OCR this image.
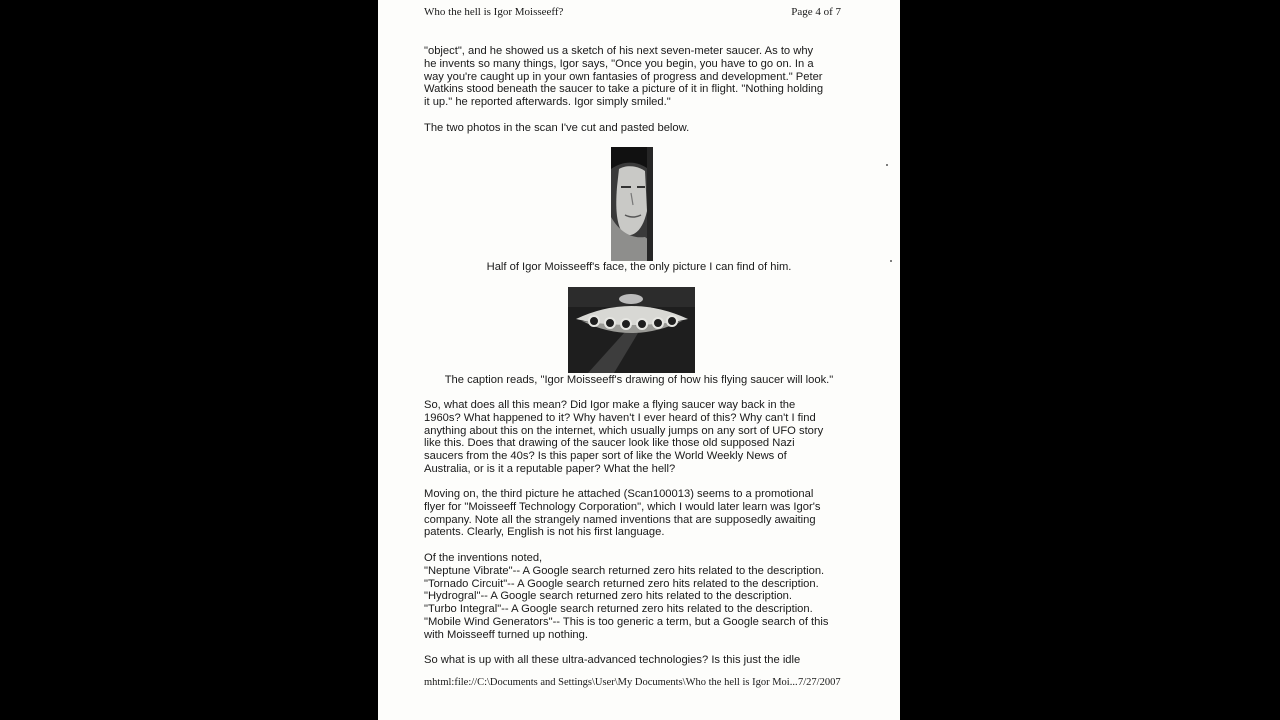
Who the hell is Igor Moisseeff?	Page 4 of 7
"object", and he showed us a sketch of his next seven-meter saucer. As to why
he invents so many things, Igor says, "Once you begin, you have to go on. In a
way you're caught up in your own fantasies of progress and development." Peter
Watkins stood beneath the saucer to take a picture of it in flight. "Nothing holding
it up." he reported afterwards. Igor simply smiled."
The two photos in the scan I've cut and pasted below.
Half of Igor Moisseeff's face, the only picture I can find of him.
The caption reads, "Igor Moisseeff's drawing of how his flying saucer will look."
So, what does all this mean? Did Igor make a flying saucer way back in the
1960s? What happened to it? Why haven't I ever heard of this? Why can't I find
anything about this on the internet, which usually jumps on any sort of UFO story
like this. Does that drawing of the saucer look like those old supposed Nazi
saucers from the 40s? Is this paper sort of like the World Weekly News of
Australia, or is it a reputable paper? What the hell?
Moving on, the third picture he attached (Scan100013) seems to a promotional
flyer for "Moisseeff Technology Corporation", which I would later learn was Igor's
company. Note all the strangely named inventions that are supposedly awaiting
patents. Clearly, English is not his first language.
Of the inventions noted,
"Neptune Vibrate"-- A Google search returned zero hits related to the description.
"Tornado Circuit"-- A Google search returned zero hits related to the description.
"Hydrogral"-- A Google search returned zero hits related to the description.
"Turbo Integral"-- A Google search returned zero hits related to the description.
"Mobile Wind Generators"-- This is too generic a term, but a Google search of this
with Moisseeff turned up nothing.
So what is up with all these ultra-advanced technologies? Is this just the idle
mhtml:file://C:\Documents and Settings\User\My Documents\Who the hell is Igor Moi... 7/27/2007
